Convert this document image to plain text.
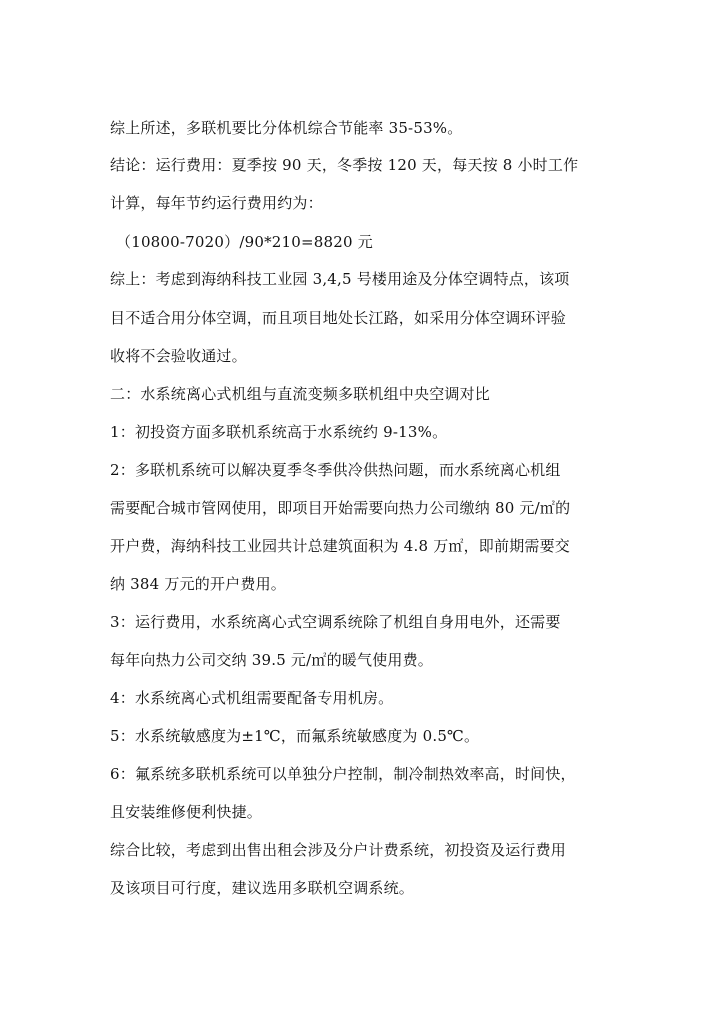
综上所述，多联机要比分体机综合节能率 35-53%。
结论：运行费用：夏季按 90 天，冬季按 120 天，每天按 8 小时工作
计算，每年节约运行费用约为：
（10800-7020）/90*210=8820 元
综上：考虑到海纳科技工业园 3,4,5 号楼用途及分体空调特点，该项
目不适合用分体空调，而且项目地处长江路，如采用分体空调环评验
收将不会验收通过。
二：水系统离心式机组与直流变频多联机组中央空调对比
1：初投资方面多联机系统高于水系统约 9-13%。
2：多联机系统可以解决夏季冬季供冷供热问题，而水系统离心机组
需要配合城市管网使用，即项目开始需要向热力公司缴纳 80 元/㎡的
开户费，海纳科技工业园共计总建筑面积为 4.8 万㎡，即前期需要交
纳 384 万元的开户费用。
3：运行费用，水系统离心式空调系统除了机组自身用电外，还需要
每年向热力公司交纳 39.5 元/㎡的暖气使用费。
4：水系统离心式机组需要配备专用机房。
5：水系统敏感度为±1℃，而氟系统敏感度为 0.5℃。
6：氟系统多联机系统可以单独分户控制，制冷制热效率高，时间快，
且安装维修便利快捷。
综合比较，考虑到出售出租会涉及分户计费系统，初投资及运行费用
及该项目可行度，建议选用多联机空调系统。
